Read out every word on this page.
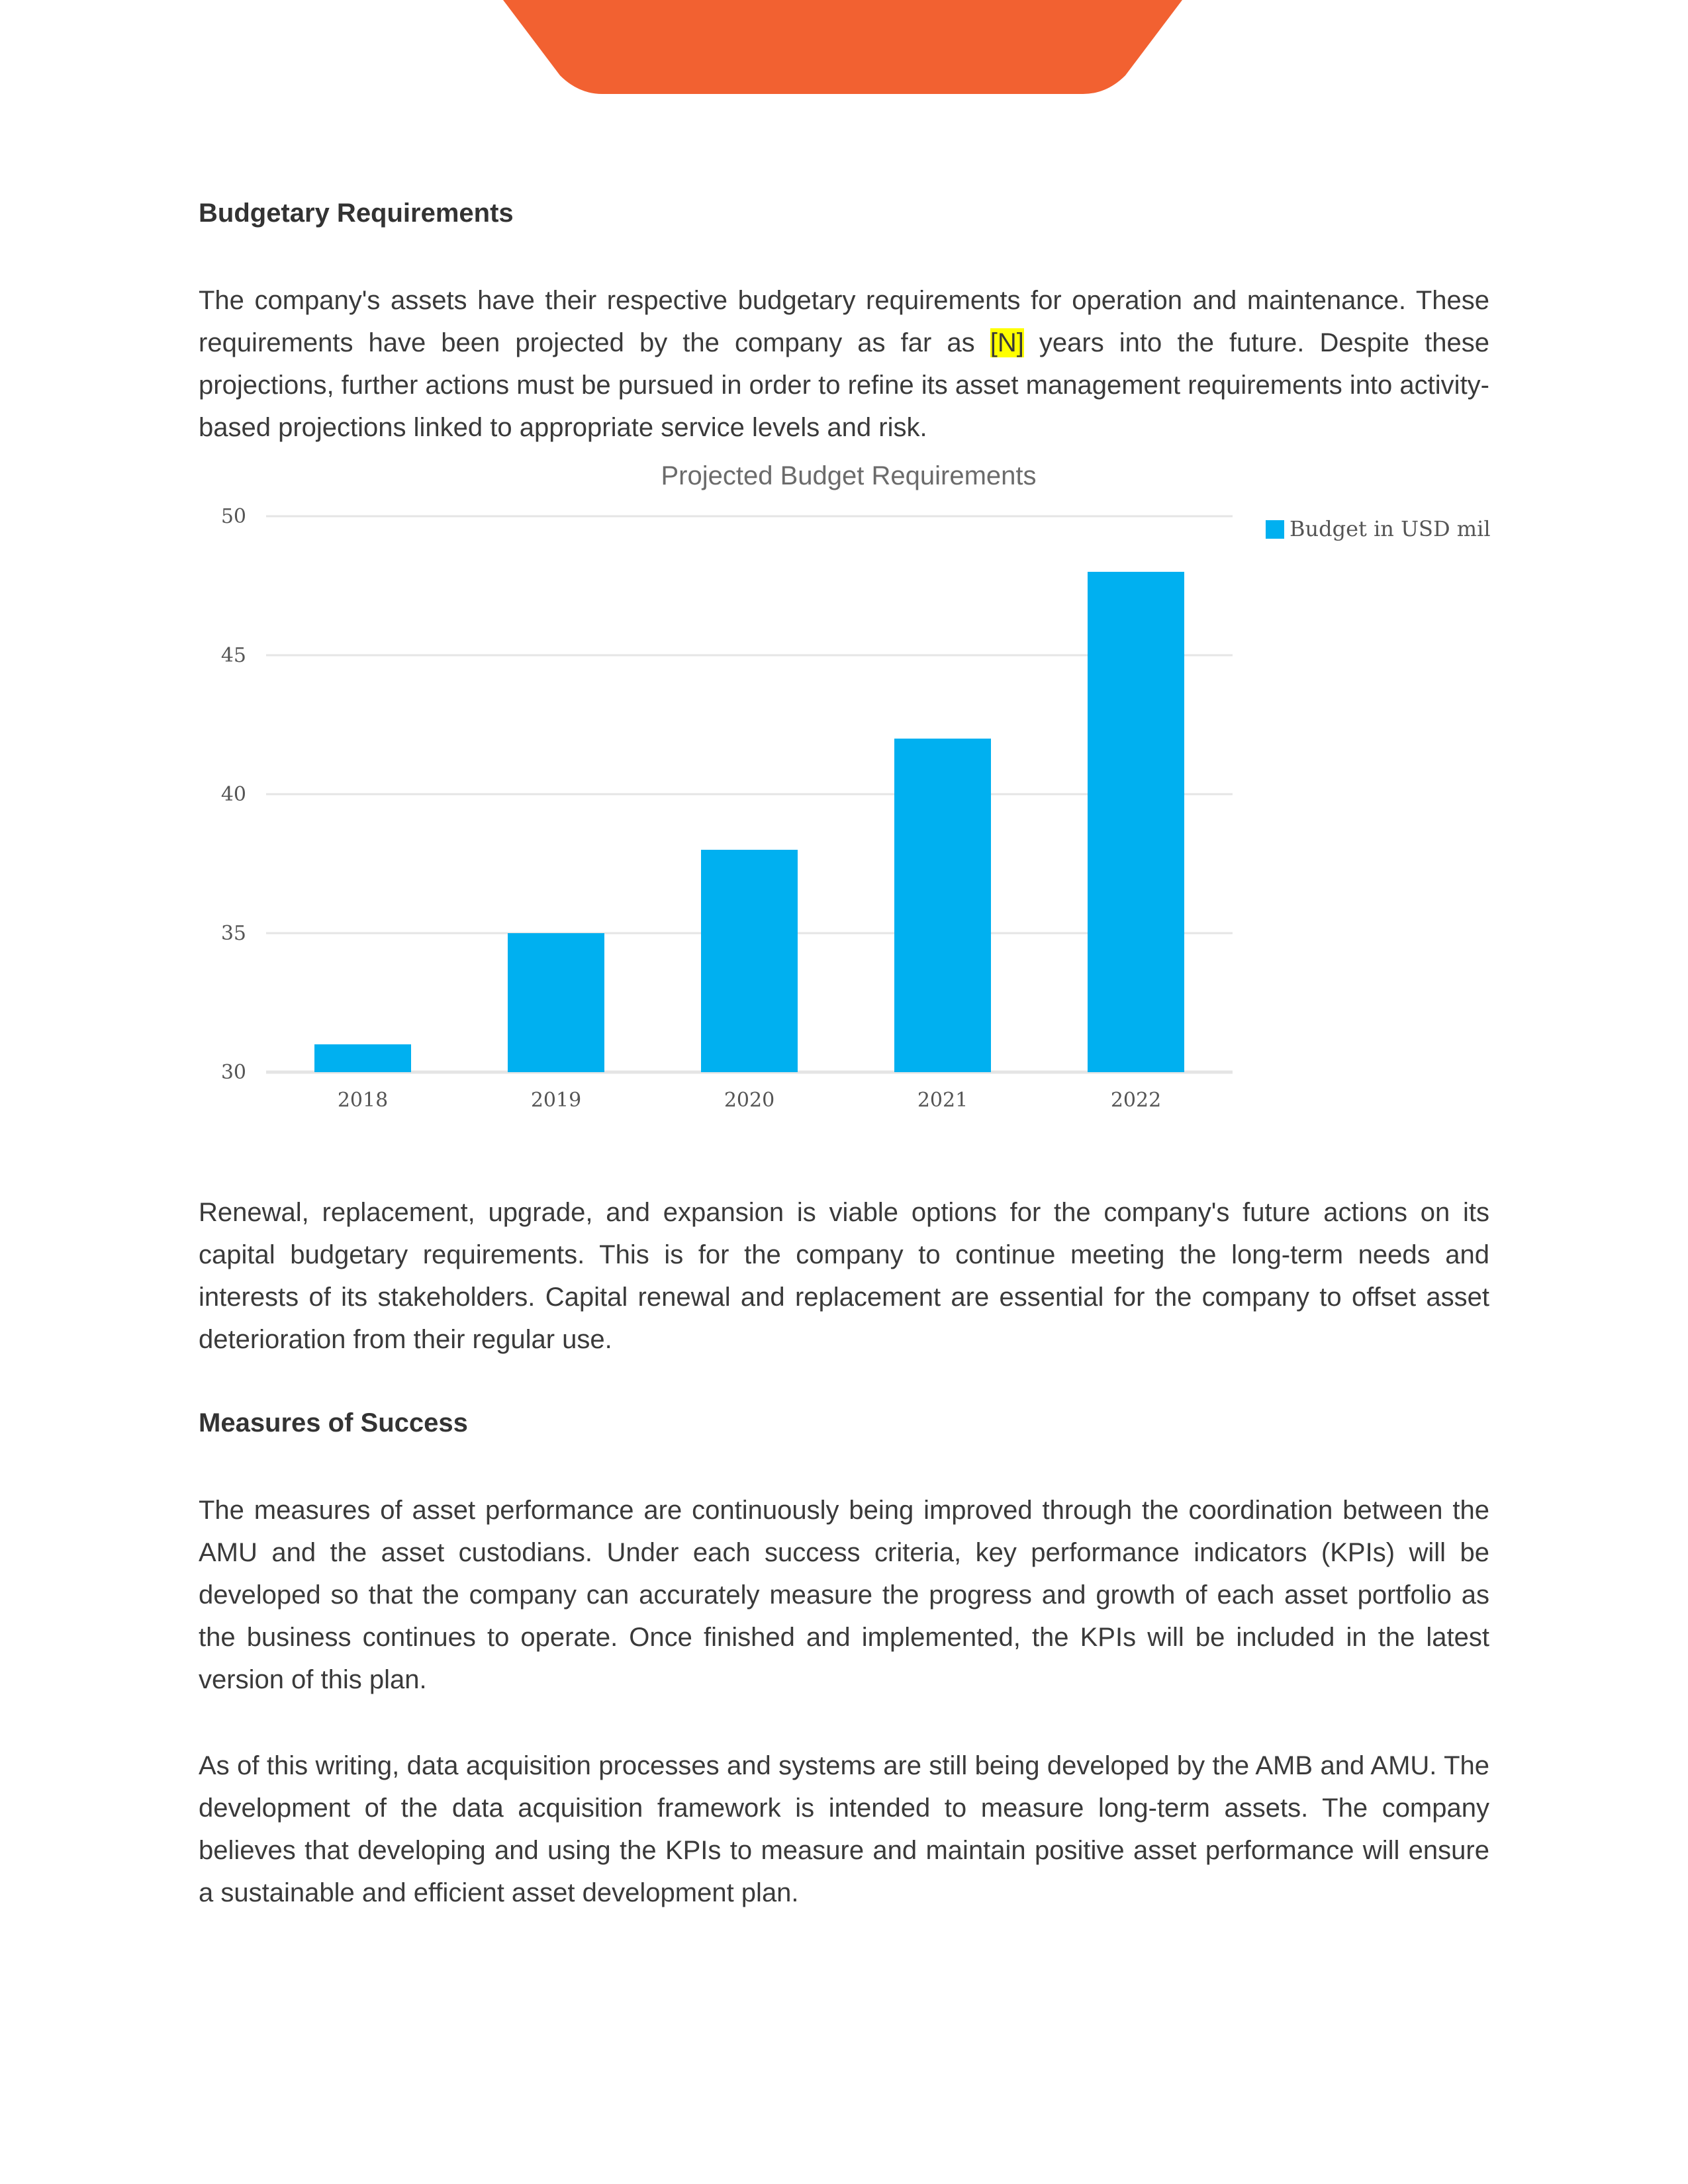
Budgetary Requirements

The company's assets have their respective budgetary requirements for operation and maintenance. These requirements have been projected by the company as far as [N] years into the future. Despite these projections, further actions must be pursued in order to refine its asset management requirements into activity-based projections linked to appropriate service levels and risk.

Projected Budget Requirements
30
35
40
45
50
2018	2019	2020	2021	2022
Budget in USD mil

Renewal, replacement, upgrade, and expansion is viable options for the company's future actions on its capital budgetary requirements. This is for the company to continue meeting the long-term needs and interests of its stakeholders. Capital renewal and replacement are essential for the company to offset asset deterioration from their regular use.

Measures of Success

The measures of asset performance are continuously being improved through the coordination between the AMU and the asset custodians. Under each success criteria, key performance indicators (KPIs) will be developed so that the company can accurately measure the progress and growth of each asset portfolio as the business continues to operate. Once finished and implemented, the KPIs will be included in the latest version of this plan.

As of this writing, data acquisition processes and systems are still being developed by the AMB and AMU. The development of the data acquisition framework is intended to measure long-term assets. The company believes that developing and using the KPIs to measure and maintain positive asset performance will ensure a sustainable and efficient asset development plan.
